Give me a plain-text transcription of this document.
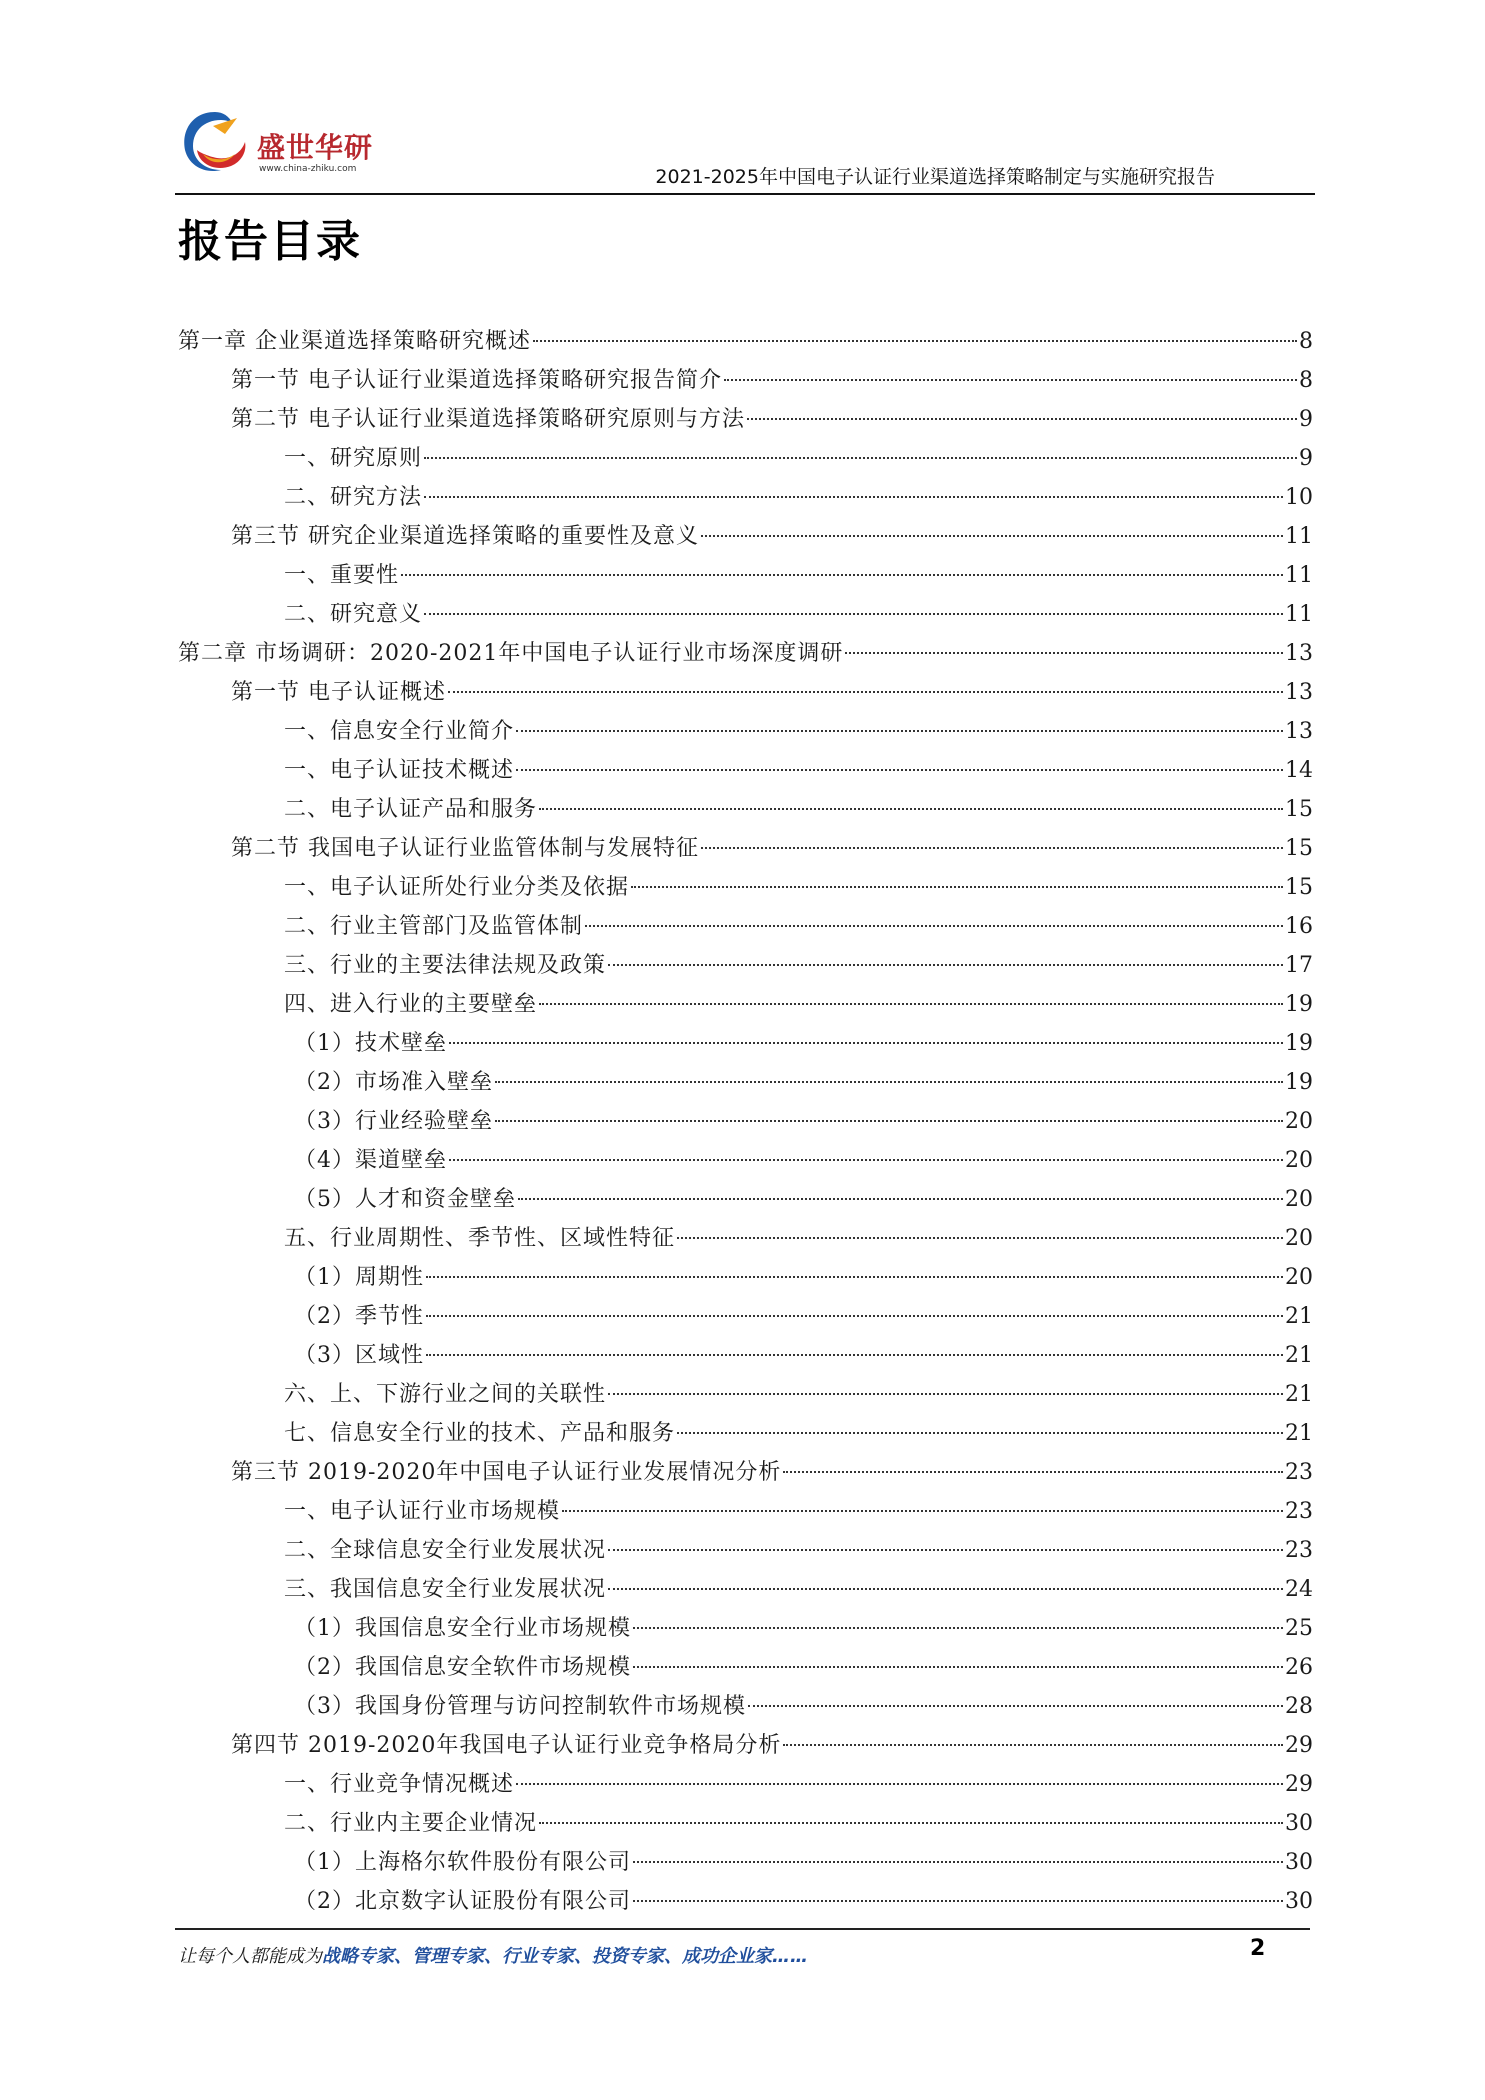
盛世华研
www.china-zhiku.com	2021-2025年中国电子认证行业渠道选择策略制定与实施研究报告
报告目录
第一章 企业渠道选择策略研究概述	8
第一节 电子认证行业渠道选择策略研究报告简介	8
第二节 电子认证行业渠道选择策略研究原则与方法	9
一、研究原则	9
二、研究方法	10
第三节 研究企业渠道选择策略的重要性及意义	11
一、重要性	11
二、研究意义	11
第二章 市场调研：2020-2021年中国电子认证行业市场深度调研	13
第一节 电子认证概述	13
一、信息安全行业简介	13
一、电子认证技术概述	14
二、电子认证产品和服务	15
第二节 我国电子认证行业监管体制与发展特征	15
一、电子认证所处行业分类及依据	15
二、行业主管部门及监管体制	16
三、行业的主要法律法规及政策	17
四、进入行业的主要壁垒	19
（1）技术壁垒	19
（2）市场准入壁垒	19
（3）行业经验壁垒	20
（4）渠道壁垒	20
（5）人才和资金壁垒	20
五、行业周期性、季节性、区域性特征	20
（1）周期性	20
（2）季节性	21
（3）区域性	21
六、上、下游行业之间的关联性	21
七、信息安全行业的技术、产品和服务	21
第三节 2019-2020年中国电子认证行业发展情况分析	23
一、电子认证行业市场规模	23
二、全球信息安全行业发展状况	23
三、我国信息安全行业发展状况	24
（1）我国信息安全行业市场规模	25
（2）我国信息安全软件市场规模	26
（3）我国身份管理与访问控制软件市场规模	28
第四节 2019-2020年我国电子认证行业竞争格局分析	29
一、行业竞争情况概述	29
二、行业内主要企业情况	30
（1）上海格尔软件股份有限公司	30
（2）北京数字认证股份有限公司	30
让每个人都能成为战略专家、管理专家、行业专家、投资专家、成功企业家……	2
